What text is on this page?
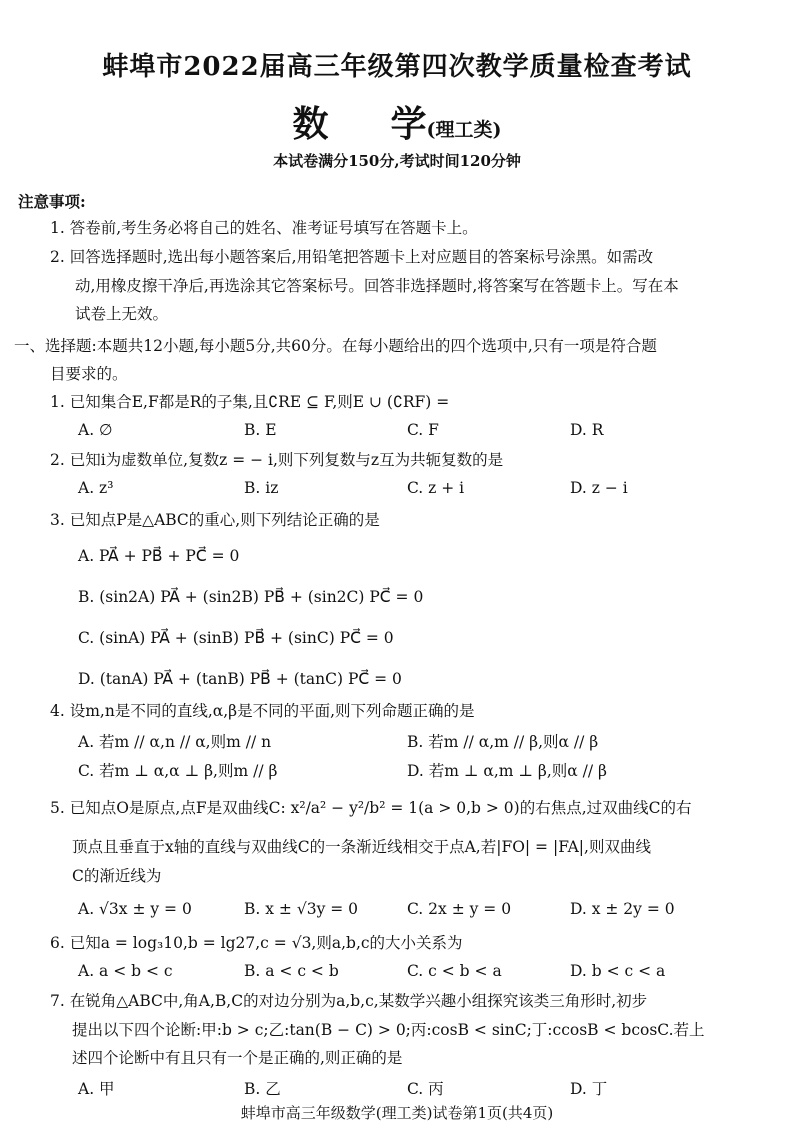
蚌埠市2022届高三年级第四次教学质量检查考试
数 学(理工类)
本试卷满分150分,考试时间120分钟
注意事项:
1. 答卷前,考生务必将自己的姓名、准考证号填写在答题卡上。
2. 回答选择题时,选出每小题答案后,用铅笔把答题卡上对应题目的答案标号涂黑。如需改
动,用橡皮擦干净后,再选涂其它答案标号。回答非选择题时,将答案写在答题卡上。写在本
试卷上无效。
一、选择题:本题共12小题,每小题5分,共60分。在每小题给出的四个选项中,只有一项是符合题
目要求的。
1. 已知集合E,F都是R的子集,且∁RE ⊆ F,则E ∪ (∁RF) =
A. ∅	B. E	C. F	D. R
2. 已知i为虚数单位,复数z = − i,则下列复数与z互为共轭复数的是
A. z³	B. iz	C. z + i	D. z − i
3. 已知点P是△ABC的重心,则下列结论正确的是
A. PA⃗ + PB⃗ + PC⃗ = 0
B. (sin2A) PA⃗ + (sin2B) PB⃗ + (sin2C) PC⃗ = 0
C. (sinA) PA⃗ + (sinB) PB⃗ + (sinC) PC⃗ = 0
D. (tanA) PA⃗ + (tanB) PB⃗ + (tanC) PC⃗ = 0
4. 设m,n是不同的直线,α,β是不同的平面,则下列命题正确的是
A. 若m // α,n // α,则m // n	B. 若m // α,m // β,则α // β
C. 若m ⊥ α,α ⊥ β,则m // β	D. 若m ⊥ α,m ⊥ β,则α // β
5. 已知点O是原点,点F是双曲线C: x²/a² − y²/b² = 1(a > 0,b > 0)的右焦点,过双曲线C的右
顶点且垂直于x轴的直线与双曲线C的一条渐近线相交于点A,若|FO| = |FA|,则双曲线
C的渐近线为
A. √3x ± y = 0	B. x ± √3y = 0	C. 2x ± y = 0	D. x ± 2y = 0
6. 已知a = log₃10,b = lg27,c = √3,则a,b,c的大小关系为
A. a < b < c	B. a < c < b	C. c < b < a	D. b < c < a
7. 在锐角△ABC中,角A,B,C的对边分别为a,b,c,某数学兴趣小组探究该类三角形时,初步
提出以下四个论断:甲:b > c;乙:tan(B − C) > 0;丙:cosB < sinC;丁:ccosB < bcosC.若上
述四个论断中有且只有一个是正确的,则正确的是
A. 甲	B. 乙	C. 丙	D. 丁
蚌埠市高三年级数学(理工类)试卷第1页(共4页)
